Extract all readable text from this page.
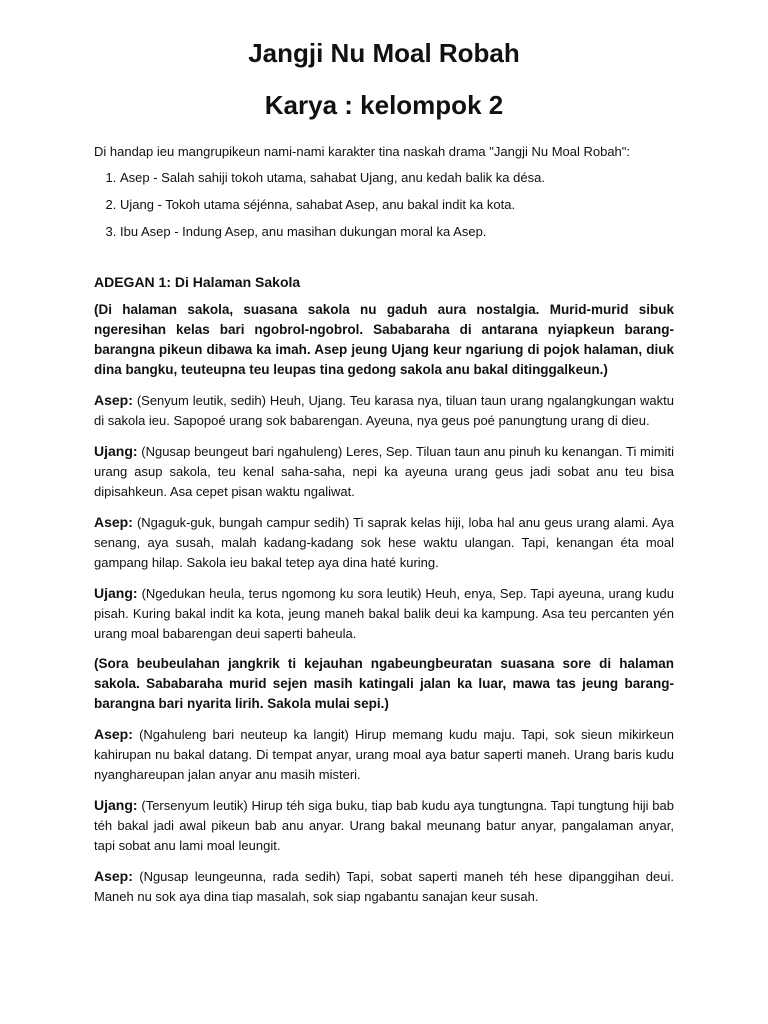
Jangji Nu Moal Robah
Karya : kelompok 2

Di handap ieu mangrupikeun nami-nami karakter tina naskah drama "Jangji Nu Moal Robah":

1. Asep - Salah sahiji tokoh utama, sahabat Ujang, anu kedah balik ka désa.
2. Ujang - Tokoh utama séjénna, sahabat Asep, anu bakal indit ka kota.
3. Ibu Asep - Indung Asep, anu masihan dukungan moral ka Asep.
ADEGAN 1: Di Halaman Sakola

(Di halaman sakola, suasana sakola nu gaduh aura nostalgia. Murid-murid sibuk ngeresihan kelas bari ngobrol-ngobrol. Sababaraha di antarana nyiapkeun barang-barangna pikeun dibawa ka imah. Asep jeung Ujang keur ngariung di pojok halaman, diuk dina bangku, teuteupna teu leupas tina gedong sakola anu bakal ditinggalkeun.)

Asep: (Senyum leutik, sedih) Heuh, Ujang. Teu karasa nya, tiluan taun urang ngalangkungan waktu di sakola ieu. Sapopoé urang sok babarengan. Ayeuna, nya geus poé panungtung urang di dieu.

Ujang: (Ngusap beungeut bari ngahuleng) Leres, Sep. Tiluan taun anu pinuh ku kenangan. Ti mimiti urang asup sakola, teu kenal saha-saha, nepi ka ayeuna urang geus jadi sobat anu teu bisa dipisahkeun. Asa cepet pisan waktu ngaliwat.

Asep: (Ngaguk-guk, bungah campur sedih) Ti saprak kelas hiji, loba hal anu geus urang alami. Aya senang, aya susah, malah kadang-kadang sok hese waktu ulangan. Tapi, kenangan éta moal gampang hilap. Sakola ieu bakal tetep aya dina haté kuring.

Ujang: (Ngedukan heula, terus ngomong ku sora leutik) Heuh, enya, Sep. Tapi ayeuna, urang kudu pisah. Kuring bakal indit ka kota, jeung maneh bakal balik deui ka kampung. Asa teu percanten yén urang moal babarengan deui saperti baheula.

(Sora beubeulahan jangkrik ti kejauhan ngabeungbeuratan suasana sore di halaman sakola. Sababaraha murid sejen masih katingali jalan ka luar, mawa tas jeung barang-barangna bari nyarita lirih. Sakola mulai sepi.)

Asep: (Ngahuleng bari neuteup ka langit) Hirup memang kudu maju. Tapi, sok sieun mikirkeun kahirupan nu bakal datang. Di tempat anyar, urang moal aya batur saperti maneh. Urang baris kudu nyanghareupan jalan anyar anu masih misteri.

Ujang: (Tersenyum leutik) Hirup téh siga buku, tiap bab kudu aya tungtungna. Tapi tungtung hiji bab téh bakal jadi awal pikeun bab anu anyar. Urang bakal meunang batur anyar, pangalaman anyar, tapi sobat anu lami moal leungit.

Asep: (Ngusap leungeunna, rada sedih) Tapi, sobat saperti maneh téh hese dipanggihan deui. Maneh nu sok aya dina tiap masalah, sok siap ngabantu sanajan keur susah.
